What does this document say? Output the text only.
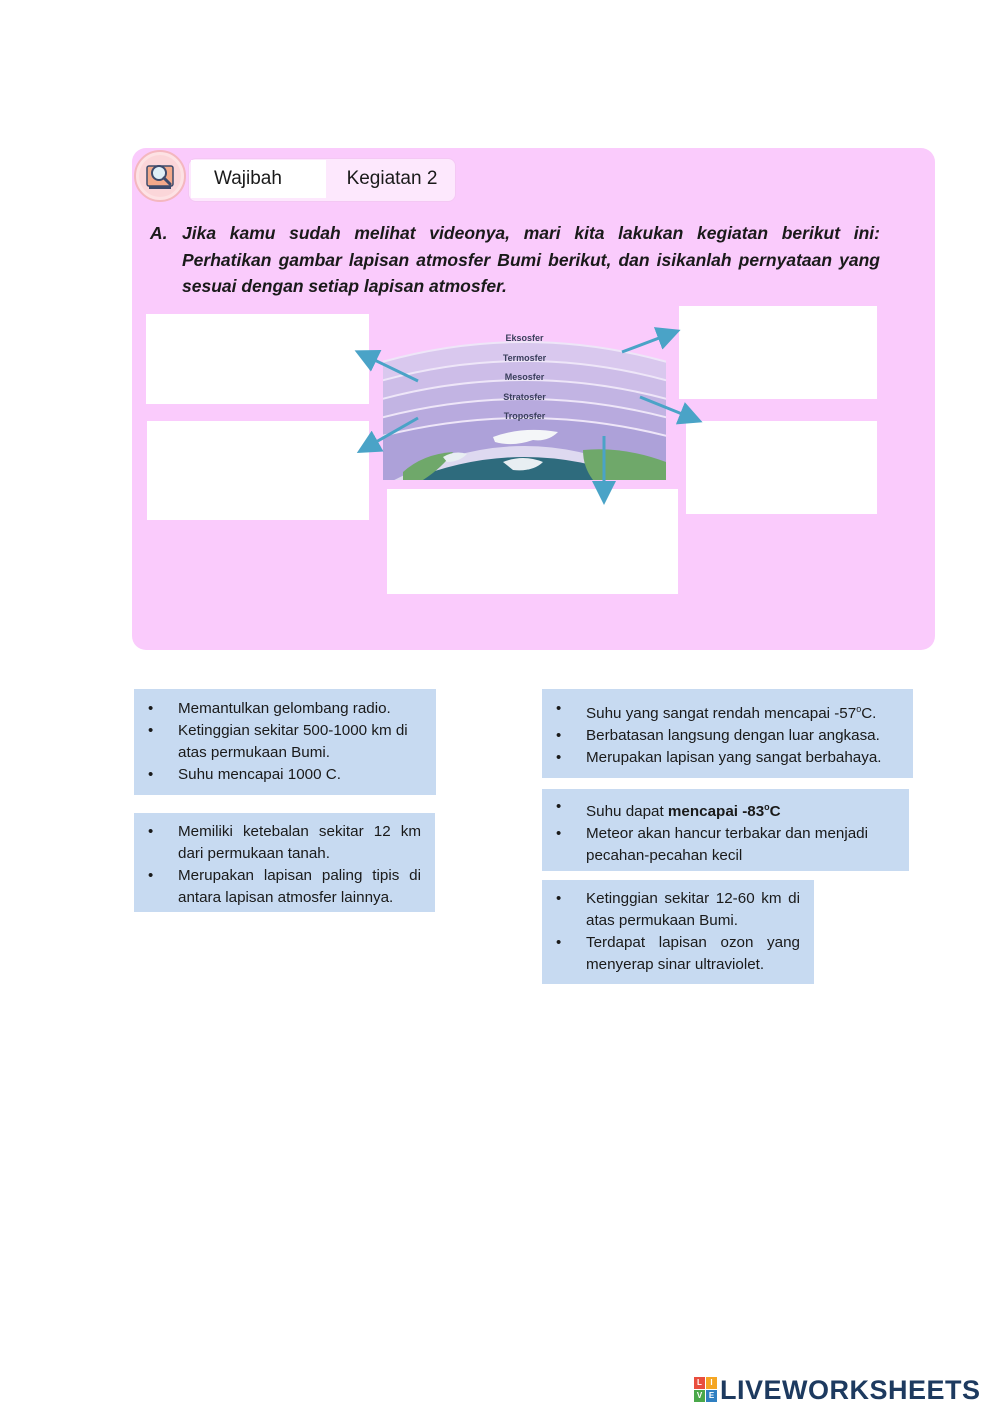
Wajibah	Kegiatan 2
A. Jika kamu sudah melihat videonya, mari kita lakukan kegiatan berikut ini: Perhatikan gambar lapisan atmosfer Bumi berikut, dan isikanlah pernyataan yang sesuai dengan setiap lapisan atmosfer.
Eksosfer
Termosfer
Mesosfer
Stratosfer
Troposfer
• Memantulkan gelombang radio.
• Ketinggian sekitar 500-1000 km di atas permukaan Bumi.
• Suhu mencapai 1000 C.
• Memiliki ketebalan sekitar 12 km dari permukaan tanah.
• Merupakan lapisan paling tipis di antara lapisan atmosfer lainnya.
• Suhu yang sangat rendah mencapai -57$^o$C.
• Berbatasan langsung dengan luar angkasa.
• Merupakan lapisan yang sangat berbahaya.
• Suhu dapat mencapai -83$^o$C
• Meteor akan hancur terbakar dan menjadi pecahan-pecahan kecil
• Ketinggian sekitar 12-60 km di atas permukaan Bumi.
• Terdapat lapisan ozon yang menyerap sinar ultraviolet.
L	I
V E LIVEWORKSHEETS
